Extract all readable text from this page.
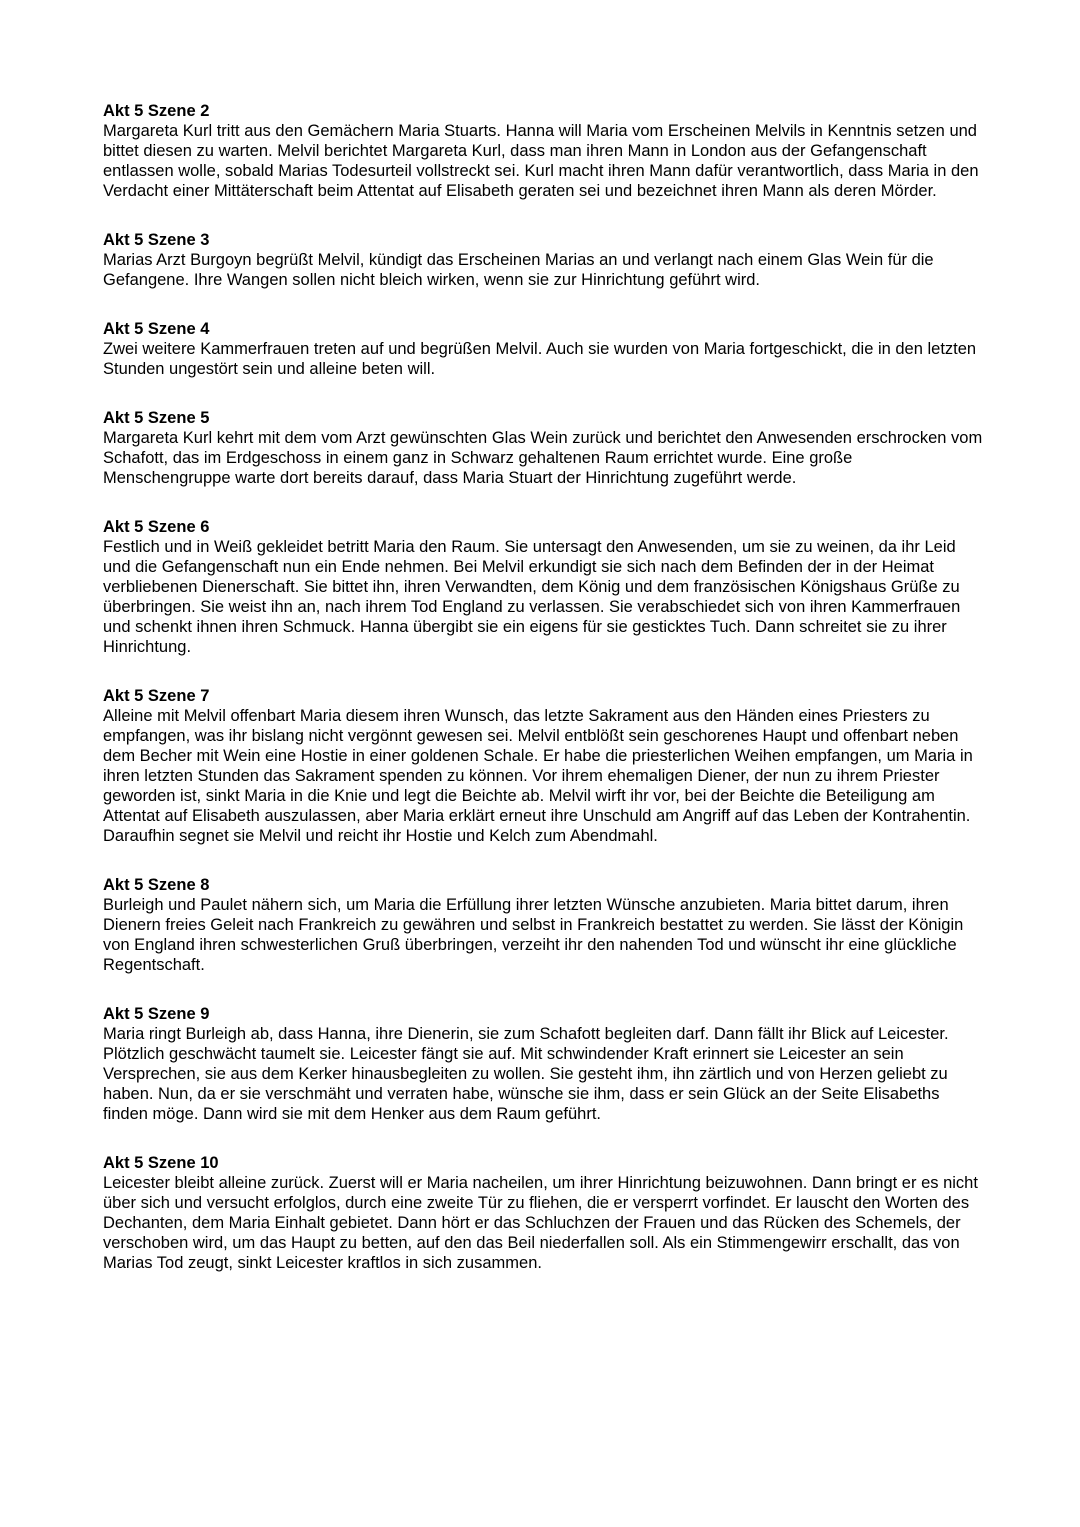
Akt 5 Szene 2

Margareta Kurl tritt aus den Gemächern Maria Stuarts. Hanna will Maria vom Erscheinen Melvils in Kenntnis setzen und bittet diesen zu warten. Melvil berichtet Margareta Kurl, dass man ihren Mann in London aus der Gefangenschaft entlassen wolle, sobald Marias Todesurteil vollstreckt sei. Kurl macht ihren Mann dafür verantwortlich, dass Maria in den Verdacht einer Mittäterschaft beim Attentat auf Elisabeth geraten sei und bezeichnet ihren Mann als deren Mörder.

Akt 5 Szene 3

Marias Arzt Burgoyn begrüßt Melvil, kündigt das Erscheinen Marias an und verlangt nach einem Glas Wein für die Gefangene. Ihre Wangen sollen nicht bleich wirken, wenn sie zur Hinrichtung geführt wird.

Akt 5 Szene 4

Zwei weitere Kammerfrauen treten auf und begrüßen Melvil. Auch sie wurden von Maria fortgeschickt, die in den letzten Stunden ungestört sein und alleine beten will.

Akt 5 Szene 5

Margareta Kurl kehrt mit dem vom Arzt gewünschten Glas Wein zurück und berichtet den Anwesenden erschrocken vom Schafott, das im Erdgeschoss in einem ganz in Schwarz gehaltenen Raum errichtet wurde. Eine große Menschengruppe warte dort bereits darauf, dass Maria Stuart der Hinrichtung zugeführt werde.

Akt 5 Szene 6

Festlich und in Weiß gekleidet betritt Maria den Raum. Sie untersagt den Anwesenden, um sie zu weinen, da ihr Leid und die Gefangenschaft nun ein Ende nehmen. Bei Melvil erkundigt sie sich nach dem Befinden der in der Heimat verbliebenen Dienerschaft. Sie bittet ihn, ihren Verwandten, dem König und dem französischen Königshaus Grüße zu überbringen. Sie weist ihn an, nach ihrem Tod England zu verlassen. Sie verabschiedet sich von ihren Kammerfrauen und schenkt ihnen ihren Schmuck. Hanna übergibt sie ein eigens für sie gesticktes Tuch. Dann schreitet sie zu ihrer Hinrichtung.

Akt 5 Szene 7

Alleine mit Melvil offenbart Maria diesem ihren Wunsch, das letzte Sakrament aus den Händen eines Priesters zu empfangen, was ihr bislang nicht vergönnt gewesen sei. Melvil entblößt sein geschorenes Haupt und offenbart neben dem Becher mit Wein eine Hostie in einer goldenen Schale. Er habe die priesterlichen Weihen empfangen, um Maria in ihren letzten Stunden das Sakrament spenden zu können. Vor ihrem ehemaligen Diener, der nun zu ihrem Priester geworden ist, sinkt Maria in die Knie und legt die Beichte ab. Melvil wirft ihr vor, bei der Beichte die Beteiligung am Attentat auf Elisabeth auszulassen, aber Maria erklärt erneut ihre Unschuld am Angriff auf das Leben der Kontrahentin. Daraufhin segnet sie Melvil und reicht ihr Hostie und Kelch zum Abendmahl.

Akt 5 Szene 8

Burleigh und Paulet nähern sich, um Maria die Erfüllung ihrer letzten Wünsche anzubieten. Maria bittet darum, ihren Dienern freies Geleit nach Frankreich zu gewähren und selbst in Frankreich bestattet zu werden. Sie lässt der Königin von England ihren schwesterlichen Gruß überbringen, verzeiht ihr den nahenden Tod und wünscht ihr eine glückliche Regentschaft.

Akt 5 Szene 9

Maria ringt Burleigh ab, dass Hanna, ihre Dienerin, sie zum Schafott begleiten darf. Dann fällt ihr Blick auf Leicester. Plötzlich geschwächt taumelt sie. Leicester fängt sie auf. Mit schwindender Kraft erinnert sie Leicester an sein Versprechen, sie aus dem Kerker hinausbegleiten zu wollen. Sie gesteht ihm, ihn zärtlich und von Herzen geliebt zu haben. Nun, da er sie verschmäht und verraten habe, wünsche sie ihm, dass er sein Glück an der Seite Elisabeths finden möge. Dann wird sie mit dem Henker aus dem Raum geführt.

Akt 5 Szene 10

Leicester bleibt alleine zurück. Zuerst will er Maria nacheilen, um ihrer Hinrichtung beizuwohnen. Dann bringt er es nicht über sich und versucht erfolglos, durch eine zweite Tür zu fliehen, die er versperrt vorfindet. Er lauscht den Worten des Dechanten, dem Maria Einhalt gebietet. Dann hört er das Schluchzen der Frauen und das Rücken des Schemels, der verschoben wird, um das Haupt zu betten, auf den das Beil niederfallen soll. Als ein Stimmengewirr erschallt, das von Marias Tod zeugt, sinkt Leicester kraftlos in sich zusammen.
